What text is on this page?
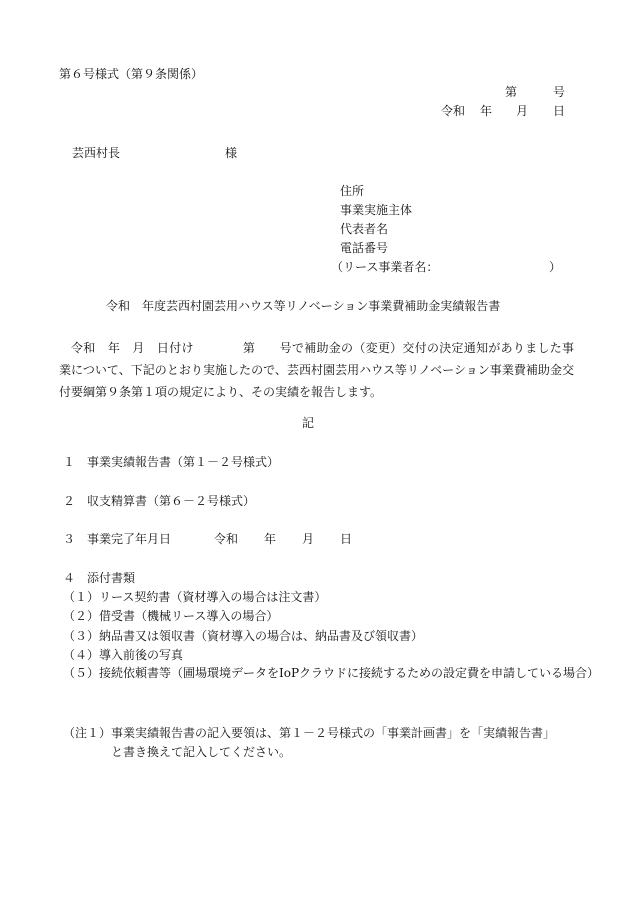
第６号様式（第９条関係）
第	号
令和 年 月 日
芸西村長	様
住所
事業実施主体
代表者名
電話番号
（リース事業者名：	）
令和　年度芸西村園芸用ハウス等リノベーション事業費補助金実績報告書
令和　年　月　日付け　　　　第　　号で補助金の（変更）交付の決定通知がありました事業について、下記のとおり実施したので、芸西村園芸用ハウス等リノベーション事業費補助金交付要綱第９条第１項の規定により、その実績を報告します。
記
１　事業実績報告書（第１－２号様式）
２　収支精算書（第６－２号様式）
３　事業完了年月日	令和 年 月 日
４　添付書類
（１）リース契約書（資材導入の場合は注文書）
（２）借受書（機械リース導入の場合）
（３）納品書又は領収書（資材導入の場合は、納品書及び領収書）
（４）導入前後の写真
（５）接続依頼書等（圃場環境データをIoPクラウドに接続するための設定費を申請している場合）
（注１）事業実績報告書の記入要領は、第１－２号様式の「事業計画書」を「実績報告書」
と書き換えて記入してください。
